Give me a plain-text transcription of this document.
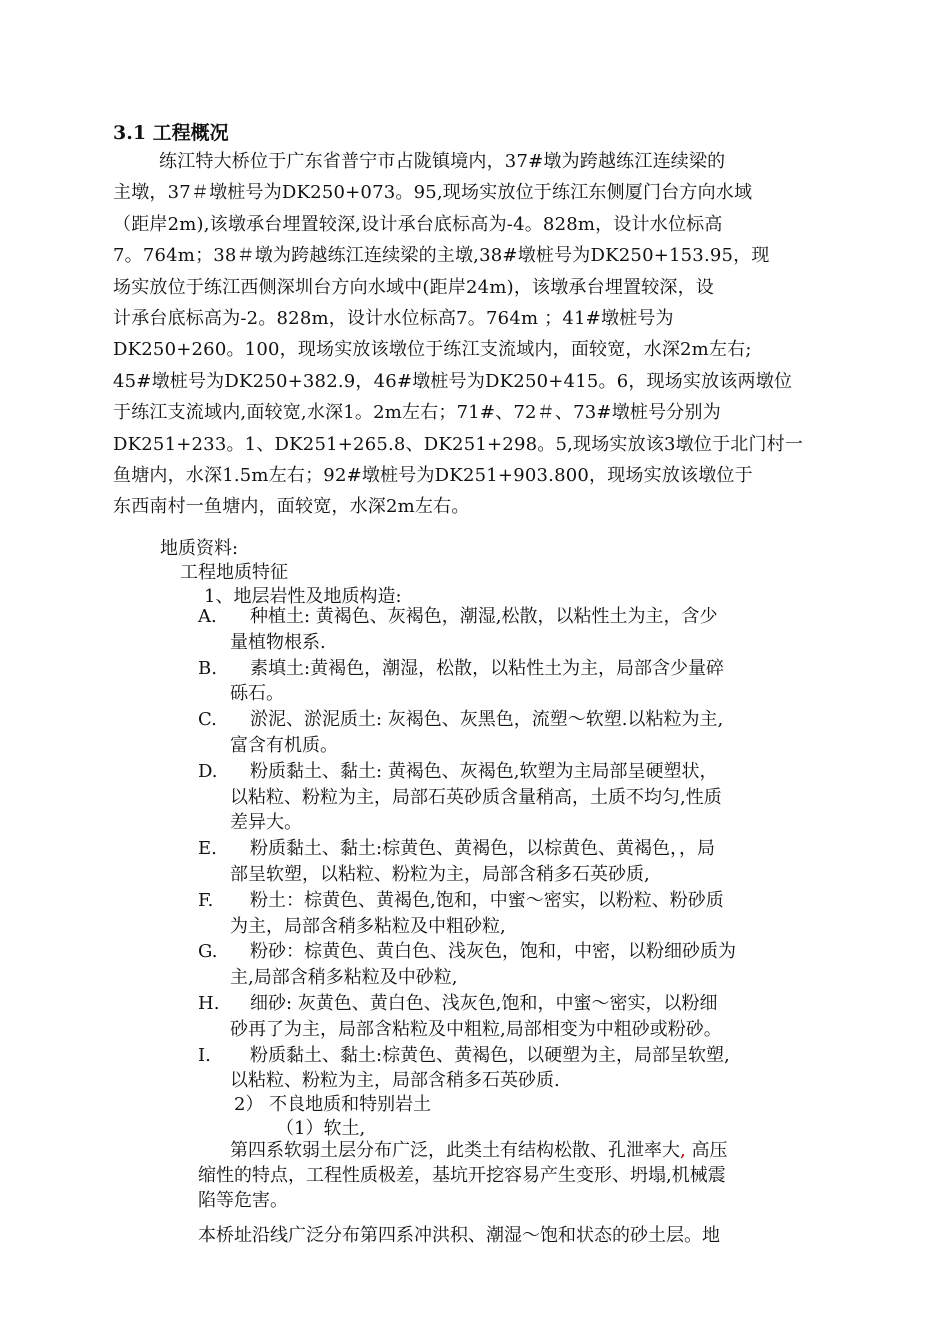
3.1 工程概况
练江特大桥位于广东省普宁市占陇镇境内，37#墩为跨越练江连续梁的
主墩，37＃墩桩号为DK250+073。95,现场实放位于练江东侧厦门台方向水域
（距岸2m),该墩承台埋置较深,设计承台底标高为-4。828m，设计水位标高
7。764m；38＃墩为跨越练江连续梁的主墩,38#墩桩号为DK250+153.95，现
场实放位于练江西侧深圳台方向水域中(距岸24m)，该墩承台埋置较深，设
计承台底标高为-2。828m，设计水位标高7。764m ；41#墩桩号为
DK250+260。100，现场实放该墩位于练江支流域内，面较宽，水深2m左右;
45#墩桩号为DK250+382.9，46#墩桩号为DK250+415。6，现场实放该两墩位
于练江支流域内,面较宽,水深1。2m左右；71#、72＃、73#墩桩号分别为
DK251+233。1、DK251+265.8、DK251+298。5,现场实放该3墩位于北门村一
鱼塘内，水深1.5m左右；92#墩桩号为DK251+903.800，现场实放该墩位于
东西南村一鱼塘内，面较宽，水深2m左右。
地质资料:
工程地质特征
1、地层岩性及地质构造:
A.	种植土: 黄褐色、灰褐色，潮湿,松散，以粘性土为主，含少
量植物根系.
B.	素填土:黄褐色，潮湿，松散，以粘性土为主，局部含少量碎
砾石。
C.	淤泥、淤泥质土: 灰褐色、灰黑色，流塑～软塑.以粘粒为主,
富含有机质。
D.	粉质黏土、黏土: 黄褐色、灰褐色,软塑为主局部呈硬塑状，
以粘粒、粉粒为主，局部石英砂质含量稍高，土质不均匀,性质
差异大。
E.	粉质黏土、黏土:棕黄色、黄褐色，以棕黄色、黄褐色，，局
部呈软塑，以粘粒、粉粒为主，局部含稍多石英砂质,
F.	粉土：棕黄色、黄褐色,饱和，中蜜～密实，以粉粒、粉砂质
为主，局部含稍多粘粒及中粗砂粒,
G.	粉砂：棕黄色、黄白色、浅灰色，饱和，中密，以粉细砂质为
主,局部含稍多粘粒及中砂粒,
H.	细砂: 灰黄色、黄白色、浅灰色,饱和，中蜜～密实，以粉细
砂再了为主，局部含粘粒及中粗粒,局部相变为中粗砂或粉砂。
I.	粉质黏土、黏土:棕黄色、黄褐色，以硬塑为主，局部呈软塑,
以粘粒、粉粒为主，局部含稍多石英砂质.
2） 不良地质和特别岩土
（1）软土,
第四系软弱土层分布广泛，此类土有结构松散、孔泄率大, 高压
缩性的特点，工程性质极差，基坑开挖容易产生变形、坍塌,机械震
陷等危害。
本桥址沿线广泛分布第四系冲洪积、潮湿～饱和状态的砂土层。地
